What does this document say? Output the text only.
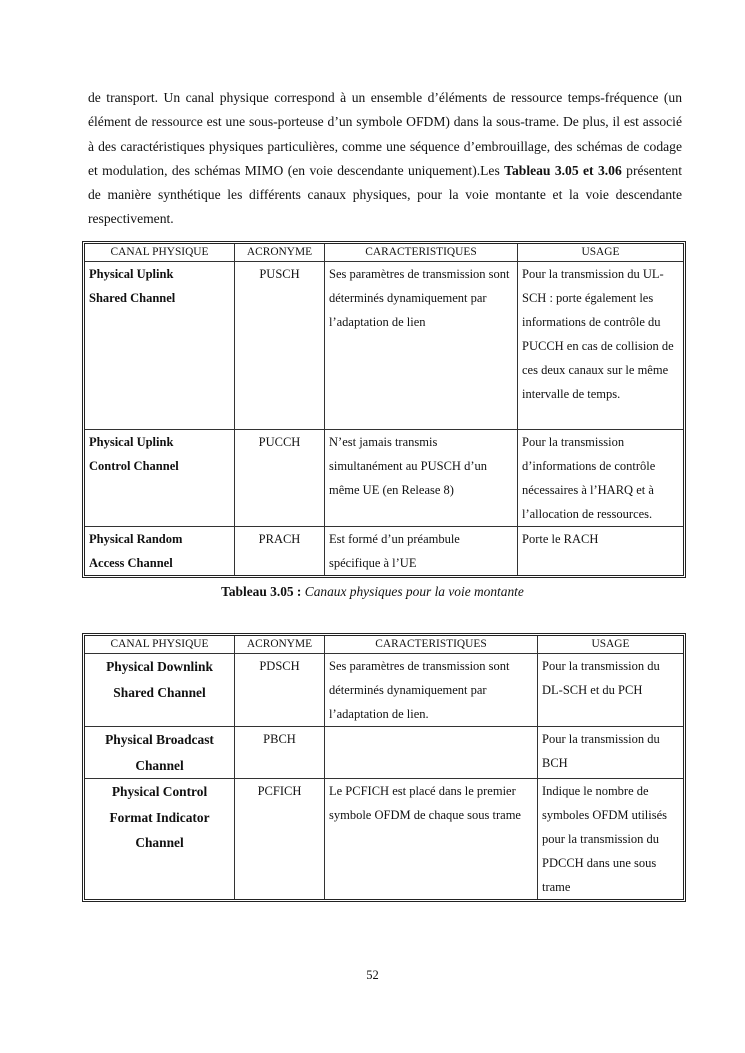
de transport. Un canal physique correspond à un ensemble d’éléments de ressource temps-fréquence (un élément de ressource est une sous-porteuse d’un symbole OFDM) dans la sous-trame. De plus, il est associé à des caractéristiques physiques particulières, comme une séquence d’embrouillage, des schémas de codage et modulation, des schémas MIMO (en voie descendante uniquement).Les Tableau 3.05 et 3.06 présentent de manière synthétique les différents canaux physiques, pour la voie montante et la voie descendante respectivement.

CANAL PHYSIQUE	ACRONYME	CARACTERISTIQUES	USAGE
Physical Uplink
Shared Channel	PUSCH	Ses paramètres de transmission sont déterminés dynamiquement par l’adaptation de lien	Pour la transmission du UL-SCH : porte également les informations de contrôle du PUCCH en cas de collision de ces deux canaux sur le même intervalle de temps.
Physical Uplink
Control Channel	PUCCH	N’est jamais transmis simultanément au PUSCH d’un même UE (en Release 8)	Pour la transmission d’informations de contrôle nécessaires à l’HARQ et à l’allocation de ressources.
Physical Random
Access Channel	PRACH	Est formé d’un préambule spécifique à l’UE	Porte le RACH
Tableau 3.05 : Canaux physiques pour la voie montante
CANAL PHYSIQUE	ACRONYME	CARACTERISTIQUES	USAGE
Physical Downlink
Shared Channel	PDSCH	Ses paramètres de transmission sont déterminés dynamiquement par l’adaptation de lien.	Pour la transmission du DL-SCH et du PCH
Physical Broadcast
Channel	PBCH		Pour la transmission du BCH
Physical Control
Format Indicator
Channel	PCFICH	Le PCFICH est placé dans le premier symbole OFDM de chaque sous trame	Indique le nombre de symboles OFDM utilisés pour la transmission du PDCCH dans une sous trame
52
